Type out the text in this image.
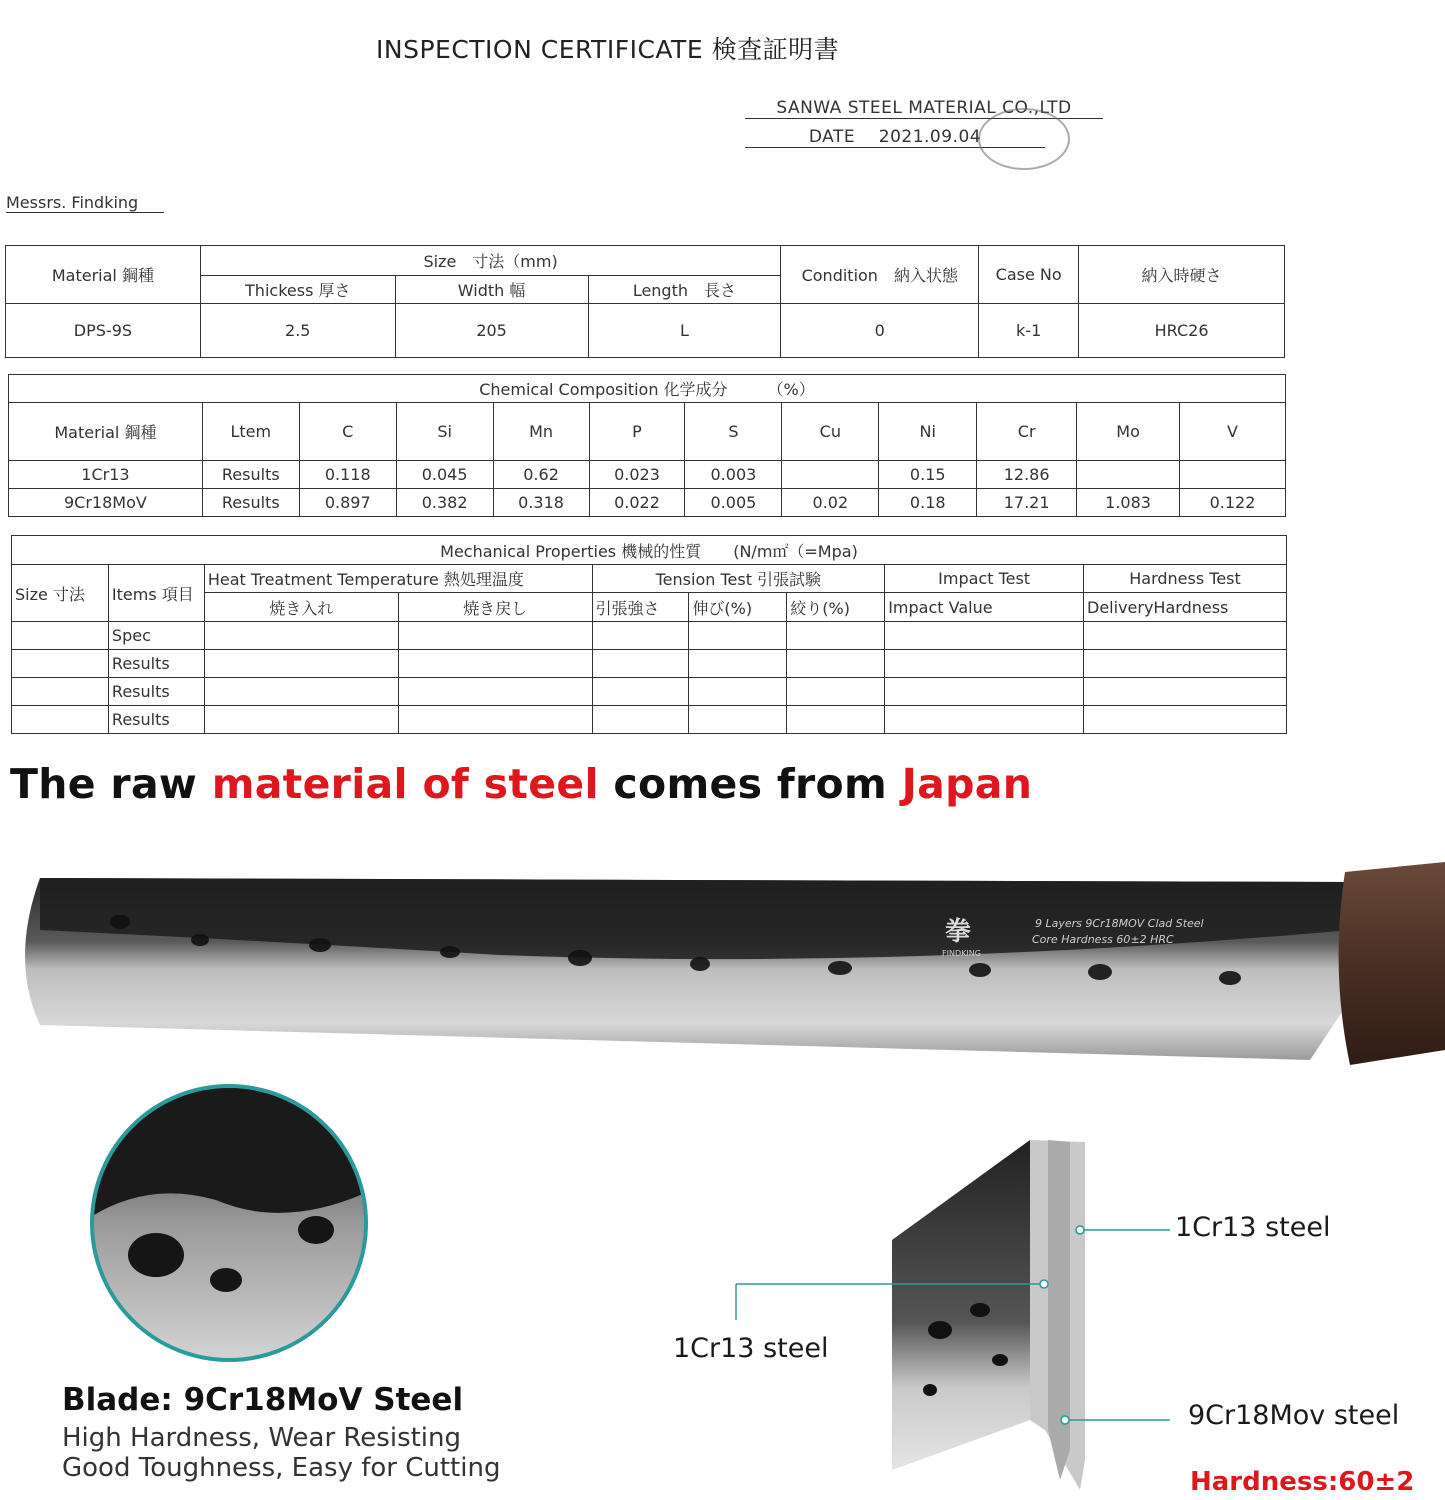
INSPECTION CERTIFICATE 検査証明書
SANWA STEEL MATERIAL CO.,LTD
DATE 2021.09.04
Messrs. Findking
Material 鋼種	Size　寸法（mm)			Condition　納入状態	Case No	納入時硬さ
	Thickess 厚さ	Width 幅	Length　長さ			
DPS-9S	2.5	205	L	0	k-1	HRC26
Chemical Composition 化学成分　　　（%）											
Material 鋼種	Ltem	C	Si	Mn	P	S	Cu	Ni	Cr	Mo	V
1Cr13	Results	0.118	0.045	0.62	0.023	0.003		0.15	12.86		
9Cr18MoV	Results	0.897	0.382	0.318	0.022	0.005	0.02	0.18	17.21	1.083	0.122
Mechanical Properties 機械的性質　　(N/m㎡（=Mpa)								
Size 寸法	Items 項目	Heat Treatment Temperature 熱処理温度		Tension Test 引張試験			Impact Test	Hardness Test
		焼き入れ	焼き戻し	引張強さ	伸び(%)	絞り(%)	Impact Value	DeliveryHardness
	Spec							
	Results							
	Results							
	Results							
The raw material of steel comes from Japan
拳
FINDKING
9 Layers 9Cr18MOV Clad Steel
Core Hardness 60±2 HRC
1Cr13 steel
1Cr13 steel
9Cr18Mov steel
Hardness:60±2
Blade: 9Cr18MoV Steel
High Hardness, Wear Resisting
Good Toughness, Easy for Cutting
